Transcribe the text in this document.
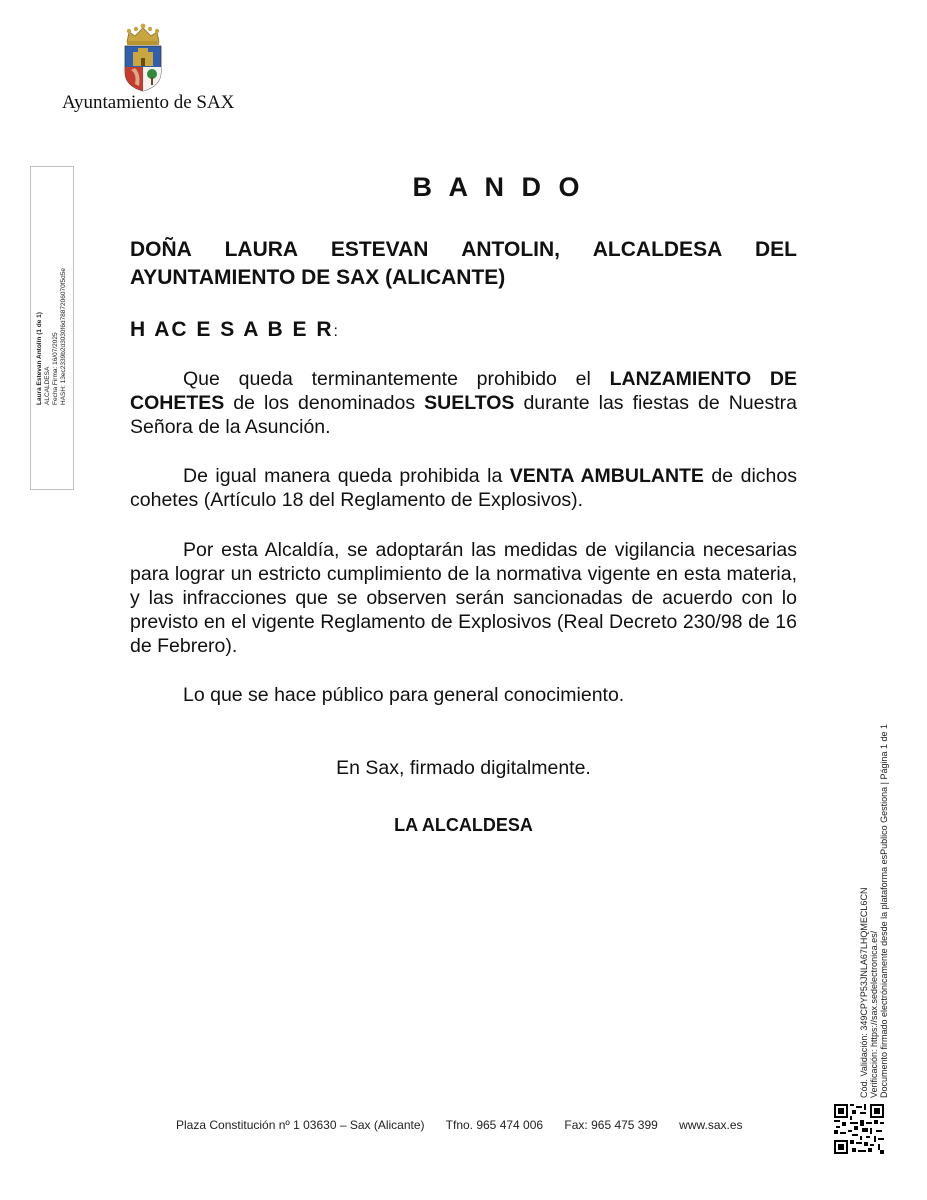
Ayuntamiento de SAX
Laura Estevan Antolín (1 de 1) ALCALDESA Fecha Firma: 16/07/2025 HASH: 13ec2339b2d3030f6d7887206070f5d5e
B A N D O
DOÑA LAURA ESTEVAN ANTOLIN, ALCALDESA DEL AYUNTAMIENTO DE SAX (ALICANTE)
H AC E S A B E R:
Que queda terminantemente prohibido el LANZAMIENTO DE COHETES de los denominados SUELTOS durante las fiestas de Nuestra Señora de la Asunción.
De igual manera queda prohibida la VENTA AMBULANTE de dichos cohetes (Artículo 18 del Reglamento de Explosivos).
Por esta Alcaldía, se adoptarán las medidas de vigilancia necesarias para lograr un estricto cumplimiento de la normativa vigente en esta materia, y las infracciones que se observen serán sancionadas de acuerdo con lo previsto en el vigente Reglamento de Explosivos (Real Decreto 230/98 de 16 de Febrero).
Lo que se hace público para general conocimiento.
En Sax, firmado digitalmente.
LA ALCALDESA
Plaza Constitución nº 1 03630 – Sax (Alicante) Tfno. 965 474 006 Fax: 965 475 399 www.sax.es
Cód. Validación: 349CPYP53JNLA67LHQMECL6CN Verificación: https://sax.sedelectronica.es/ Documento firmado electrónicamente desde la plataforma esPublico Gestiona | Página 1 de 1
